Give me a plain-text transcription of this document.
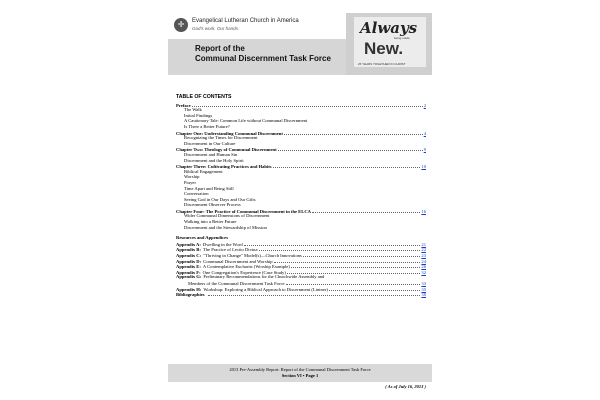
✛	Evangelical Lutheran Church in America
God's work. Our hands.
Report of the
Communal Discernment Task Force
Always
being made
New.
25 YEARS TOGETHER IN CHRIST
TABLE OF CONTENTS
Preface	2
The Walk
Initial Findings
A Cautionary Tale: Common Life without Communal Discernment
Is There a Better Future?
Chapter One: Understanding Communal Discernment	4
Recognizing the Times for Discernment
Discernment in Our Culture
Chapter Two: Theology of Communal Discernment	9
Discernment and Human Sin
Discernment and the Holy Spirit
Chapter Three: Cultivating Practices and Habits	10
Biblical Engagement
Worship
Prayer
Time Apart and Being Still
Conversation
Seeing God in Our Days and Our Gifts
Discernment Observer Process
Chapter Four: The Practice of Communal Discernment in the ELCA	16
Wider Communal Dimensions of Discernment
Walking into a Better Future
Discernment and the Stewardship of Mission
Resources and Appendices
Appendix A: Dwelling in the Word	21
Appendix B: The Practice of Lectio Divina	22
Appendix C: "Thriving in Change" Model(s)—Church Innovations	23
Appendix D: Communal Discernment and Worship	24
Appendix E: A Contemplative Eucharist (Worship Example)	26
Appendix F: One Congregation's Experience (Case Study)	32
Appendix G: Preliminary Recommendations for the Churchwide Assembly and
Members of the Communal Discernment Task Force	33
Appendix H: Workshop: Exploring a Biblical Approach to Discernment (Lintner)	35
Bibliographies	38
2013 Pre-Assembly Report: Report of the Communal Discernment Task Force
Section VI • Page 1
( As of July 16, 2013 )
